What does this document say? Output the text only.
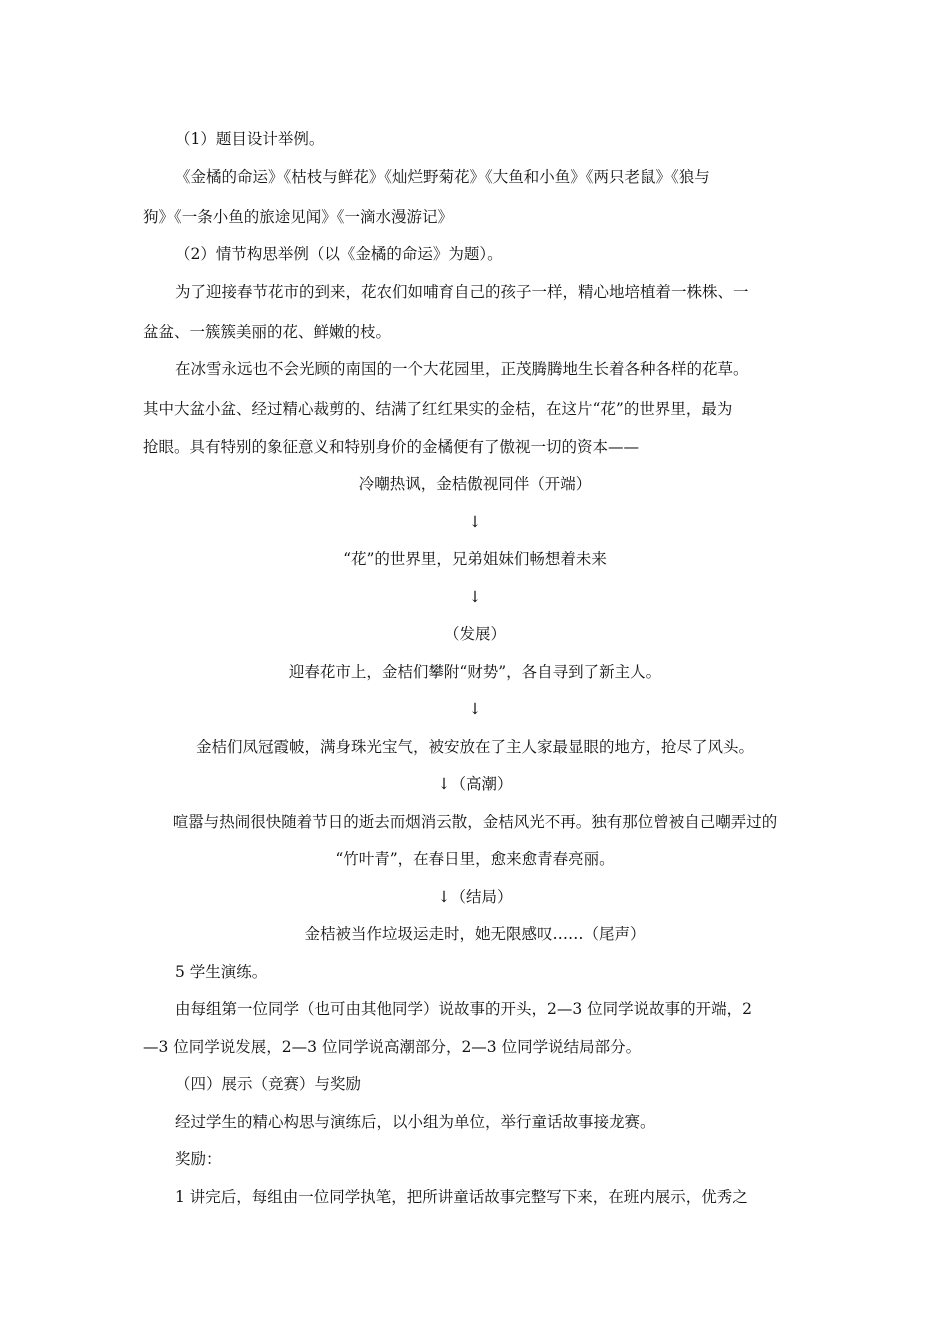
（1）题目设计举例。
《金橘的命运》《枯枝与鲜花》《灿烂野菊花》《大鱼和小鱼》《两只老鼠》《狼与
狗》《一条小鱼的旅途见闻》《一滴水漫游记》
（2）情节构思举例（以《金橘的命运》为题）。
为了迎接春节花市的到来，花农们如哺育自己的孩子一样，精心地培植着一株株、一
盆盆、一簇簇美丽的花、鲜嫩的枝。
在冰雪永远也不会光顾的南国的一个大花园里，正茂腾腾地生长着各种各样的花草。
其中大盆小盆、经过精心裁剪的、结满了红红果实的金桔，在这片“花”的世界里，最为
抢眼。具有特别的象征意义和特别身价的金橘便有了傲视一切的资本——
冷嘲热讽，金桔傲视同伴（开端）
↓
“花”的世界里，兄弟姐妹们畅想着未来
↓
（发展）
迎春花市上，金桔们攀附“财势”，各自寻到了新主人。
↓
金桔们凤冠霞帔，满身珠光宝气，被安放在了主人家最显眼的地方，抢尽了风头。
↓（高潮）
喧嚣与热闹很快随着节日的逝去而烟消云散，金桔风光不再。独有那位曾被自己嘲弄过的
“竹叶青”，在春日里，愈来愈青春亮丽。
↓（结局）
金桔被当作垃圾运走时，她无限感叹……（尾声）
5 学生演练。
由每组第一位同学（也可由其他同学）说故事的开头，2—3 位同学说故事的开端，2
—3 位同学说发展，2—3 位同学说高潮部分，2—3 位同学说结局部分。
（四）展示（竞赛）与奖励
经过学生的精心构思与演练后，以小组为单位，举行童话故事接龙赛。
奖励：
1 讲完后，每组由一位同学执笔，把所讲童话故事完整写下来，在班内展示，优秀之
